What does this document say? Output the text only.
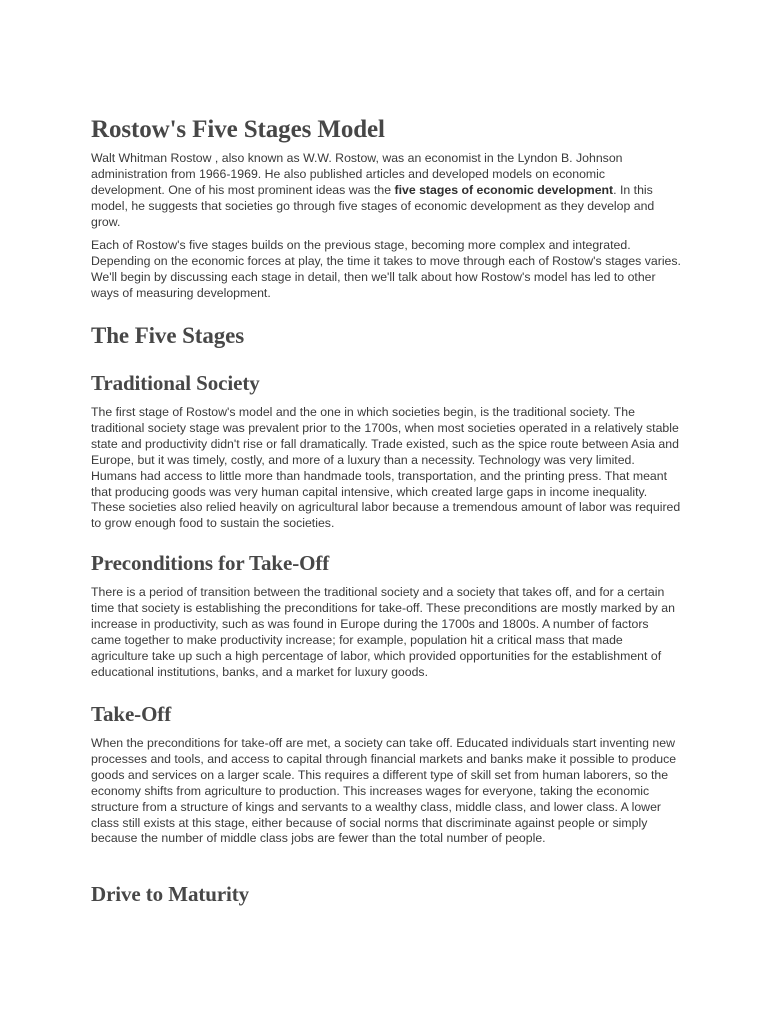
Rostow's Five Stages Model

Walt Whitman Rostow , also known as W.W. Rostow, was an economist in the Lyndon B. Johnson administration from 1966-1969. He also published articles and developed models on economic development. One of his most prominent ideas was the five stages of economic development. In this model, he suggests that societies go through five stages of economic development as they develop and grow.

Each of Rostow's five stages builds on the previous stage, becoming more complex and integrated. Depending on the economic forces at play, the time it takes to move through each of Rostow's stages varies. We'll begin by discussing each stage in detail, then we'll talk about how Rostow's model has led to other ways of measuring development.

The Five Stages
Traditional Society

The first stage of Rostow's model and the one in which societies begin, is the traditional society. The traditional society stage was prevalent prior to the 1700s, when most societies operated in a relatively stable state and productivity didn't rise or fall dramatically. Trade existed, such as the spice route between Asia and Europe, but it was timely, costly, and more of a luxury than a necessity. Technology was very limited. Humans had access to little more than handmade tools, transportation, and the printing press. That meant that producing goods was very human capital intensive, which created large gaps in income inequality. These societies also relied heavily on agricultural labor because a tremendous amount of labor was required to grow enough food to sustain the societies.

Preconditions for Take-Off

There is a period of transition between the traditional society and a society that takes off, and for a certain time that society is establishing the preconditions for take-off. These preconditions are mostly marked by an increase in productivity, such as was found in Europe during the 1700s and 1800s. A number of factors came together to make productivity increase; for example, population hit a critical mass that made agriculture take up such a high percentage of labor, which provided opportunities for the establishment of educational institutions, banks, and a market for luxury goods.

Take-Off

When the preconditions for take-off are met, a society can take off. Educated individuals start inventing new processes and tools, and access to capital through financial markets and banks make it possible to produce goods and services on a larger scale. This requires a different type of skill set from human laborers, so the economy shifts from agriculture to production. This increases wages for everyone, taking the economic structure from a structure of kings and servants to a wealthy class, middle class, and lower class. A lower class still exists at this stage, either because of social norms that discriminate against people or simply because the number of middle class jobs are fewer than the total number of people.

Drive to Maturity
